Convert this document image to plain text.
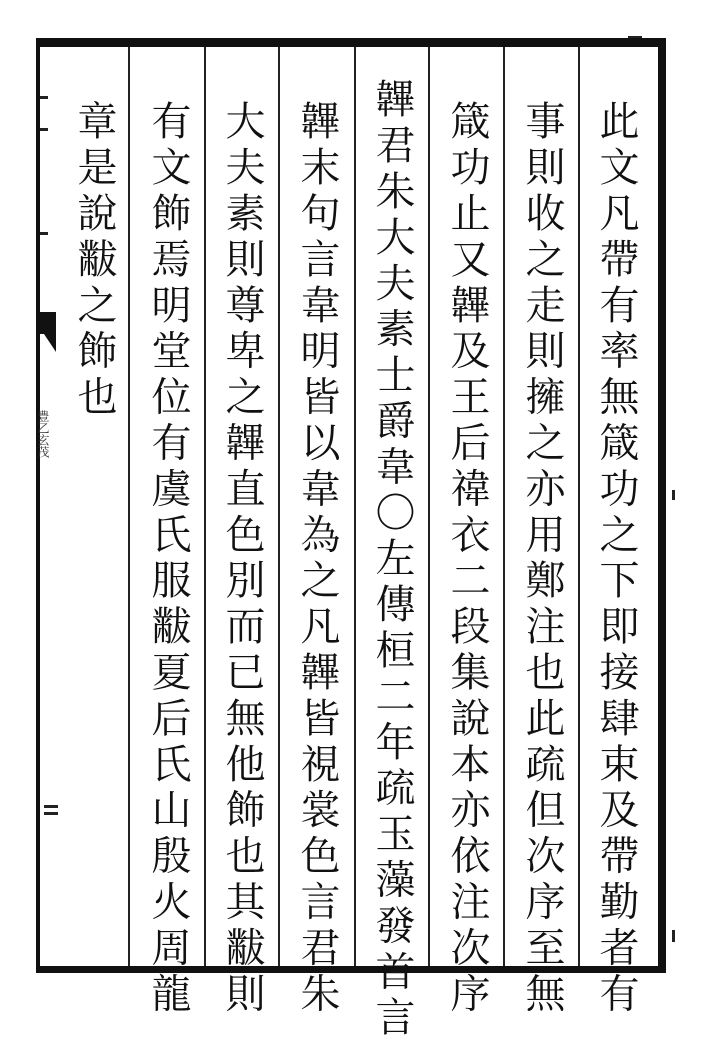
此文凡帶有率無箴功之下即接肆束及帶勤者有
事則收之走則擁之亦用鄭注也此疏但次序至無
箴功止又韠及王后禕衣二段集說本亦依注次序
韠君朱大夫素士爵韋〇左傳桓二年疏玉藻發首言
韠末句言韋明皆以韋為之凡韠皆視裳色言君朱
大夫素則尊卑之韠直色別而已無他飾也其黻則
有文飾焉明堂位有虞氏服黻夏后氏山殷火周龍
章是說黻之飾也
豊乙玄茂
